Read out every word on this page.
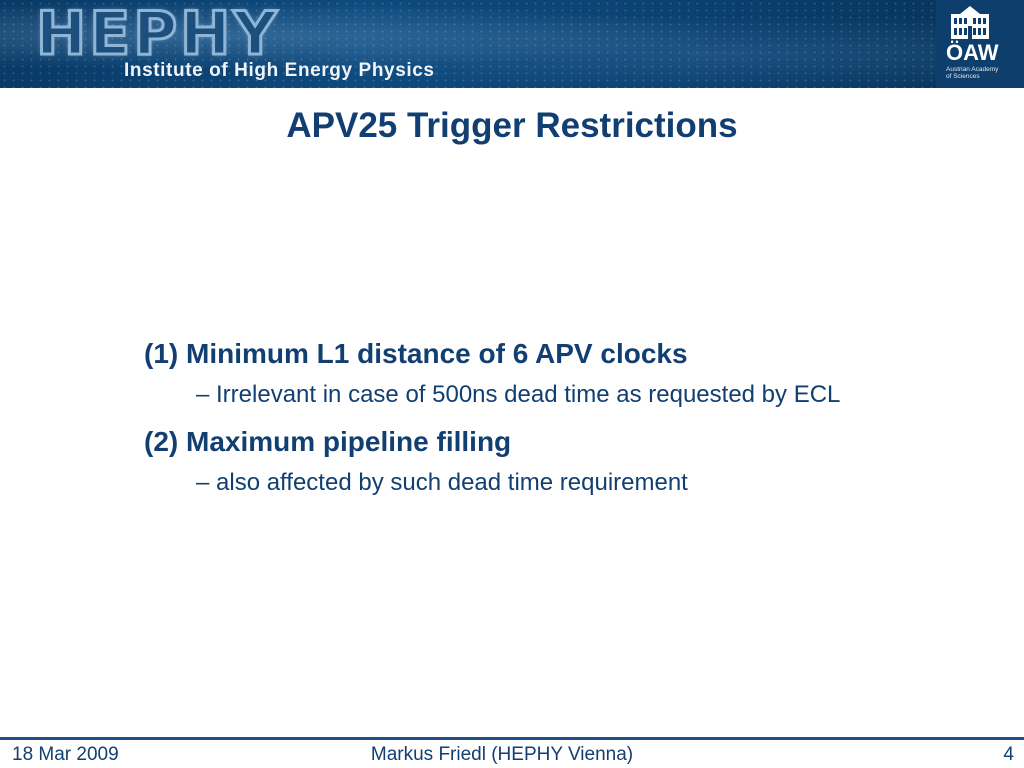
HEPHY
Institute of High Energy Physics
ÖAW
Austrian Academy
of Sciences
APV25 Trigger Restrictions
(1) Minimum L1 distance of 6 APV clocks
– Irrelevant in case of 500ns dead time as requested by ECL
(2) Maximum pipeline filling
– also affected by such dead time requirement
Markus Friedl (HEPHY Vienna)
18 Mar 2009	4
